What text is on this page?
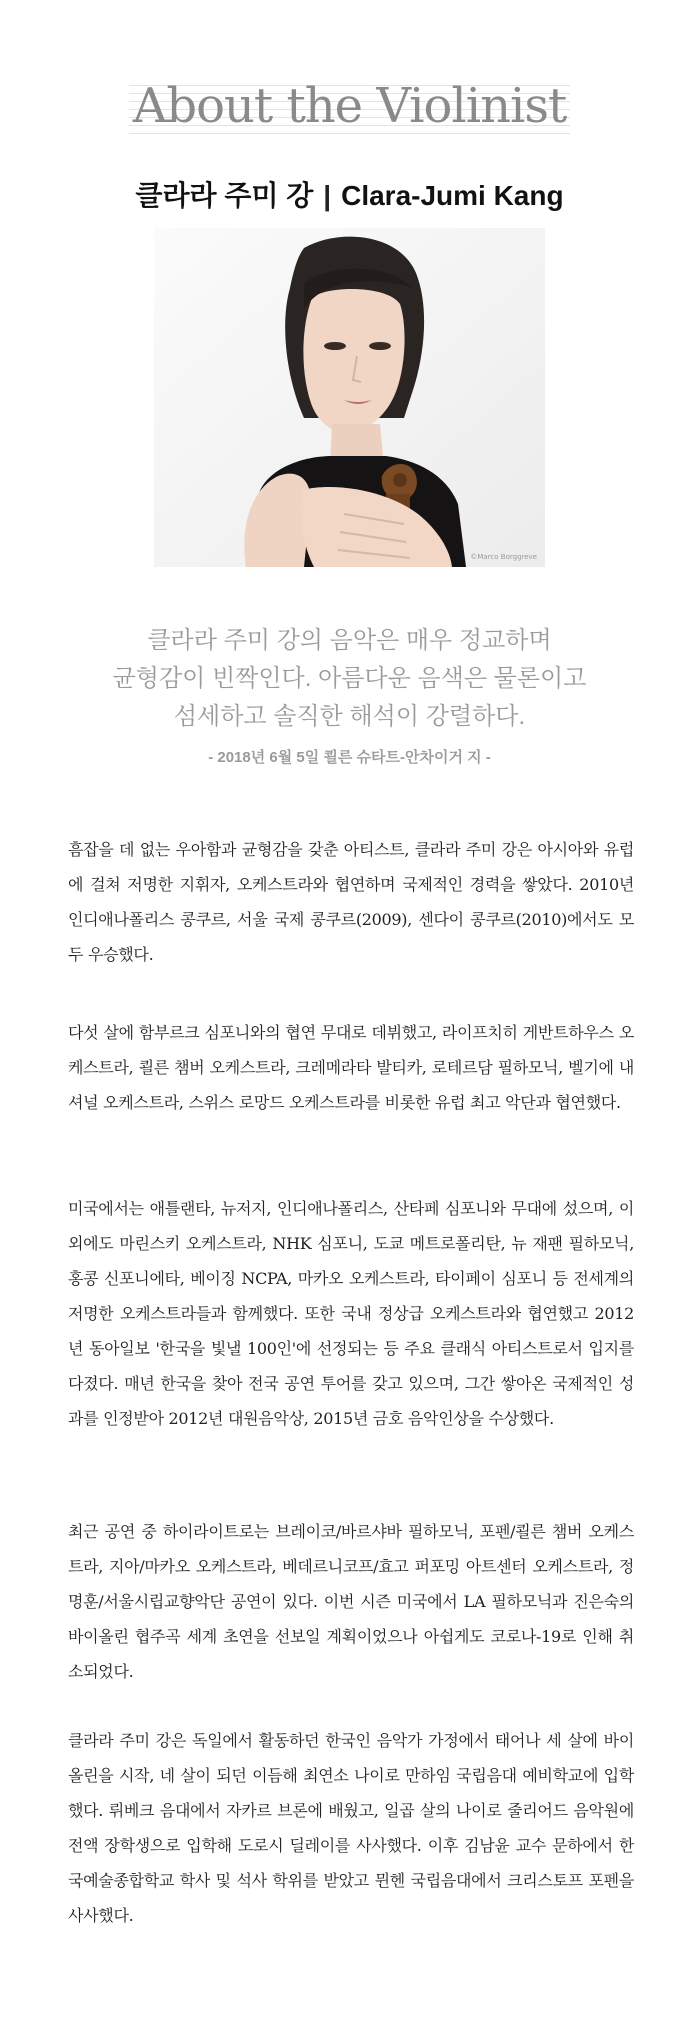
About the Violinist
클라라 주미 강 | Clara-Jumi Kang
©Marco Borggreve
클라라 주미 강의 음악은 매우 정교하며
균형감이 빈짝인다. 아름다운 음색은 물론이고
섬세하고 솔직한 해석이 강렬하다.
- 2018년 6월 5일 쾰른 슈타트-안차이거 지 -

흠잡을 데 없는 우아함과 균형감을 갖춘 아티스트, 클라라 주미 강은 아시아와 유럽에 걸쳐 저명한 지휘자, 오케스트라와 협연하며 국제적인 경력을 쌓았다. 2010년 인디애나폴리스 콩쿠르, 서울 국제 콩쿠르(2009), 센다이 콩쿠르(2010)에서도 모두 우승했다.

다섯 살에 함부르크 심포니와의 협연 무대로 데뷔했고, 라이프치히 게반트하우스 오케스트라, 쾰른 챔버 오케스트라, 크레메라타 발티카, 로테르담 필하모닉, 벨기에 내셔널 오케스트라, 스위스 로망드 오케스트라를 비롯한 유럽 최고 악단과 협연했다.

미국에서는 애틀랜타, 뉴저지, 인디애나폴리스, 산타페 심포니와 무대에 섰으며, 이외에도 마린스키 오케스트라, NHK 심포니, 도쿄 메트로폴리탄, 뉴 재팬 필하모닉, 홍콩 신포니에타, 베이징 NCPA, 마카오 오케스트라, 타이페이 심포니 등 전세계의 저명한 오케스트라들과 함께했다. 또한 국내 정상급 오케스트라와 협연했고 2012년 동아일보 '한국을 빛낼 100인'에 선정되는 등 주요 클래식 아티스트로서 입지를 다졌다. 매년 한국을 찾아 전국 공연 투어를 갖고 있으며, 그간 쌓아온 국제적인 성과를 인정받아 2012년 대원음악상, 2015년 금호 음악인상을 수상했다.

최근 공연 중 하이라이트로는 브레이코/바르샤바 필하모닉, 포펜/쾰른 챔버 오케스트라, 지아/마카오 오케스트라, 베데르니코프/효고 퍼포밍 아트센터 오케스트라, 정명훈/서울시립교향악단 공연이 있다. 이번 시즌 미국에서 LA 필하모닉과 진은숙의 바이올린 협주곡 세계 초연을 선보일 계획이었으나 아쉽게도 코로나-19로 인해 취소되었다.

클라라 주미 강은 독일에서 활동하던 한국인 음악가 가정에서 태어나 세 살에 바이올린을 시작, 네 살이 되던 이듬해 최연소 나이로 만하임 국립음대 예비학교에 입학했다. 뤼베크 음대에서 자카르 브론에 배웠고, 일곱 살의 나이로 줄리어드 음악원에 전액 장학생으로 입학해 도로시 딜레이를 사사했다. 이후 김남윤 교수 문하에서 한국예술종합학교 학사 및 석사 학위를 받았고 뮌헨 국립음대에서 크리스토프 포펜을 사사했다.
